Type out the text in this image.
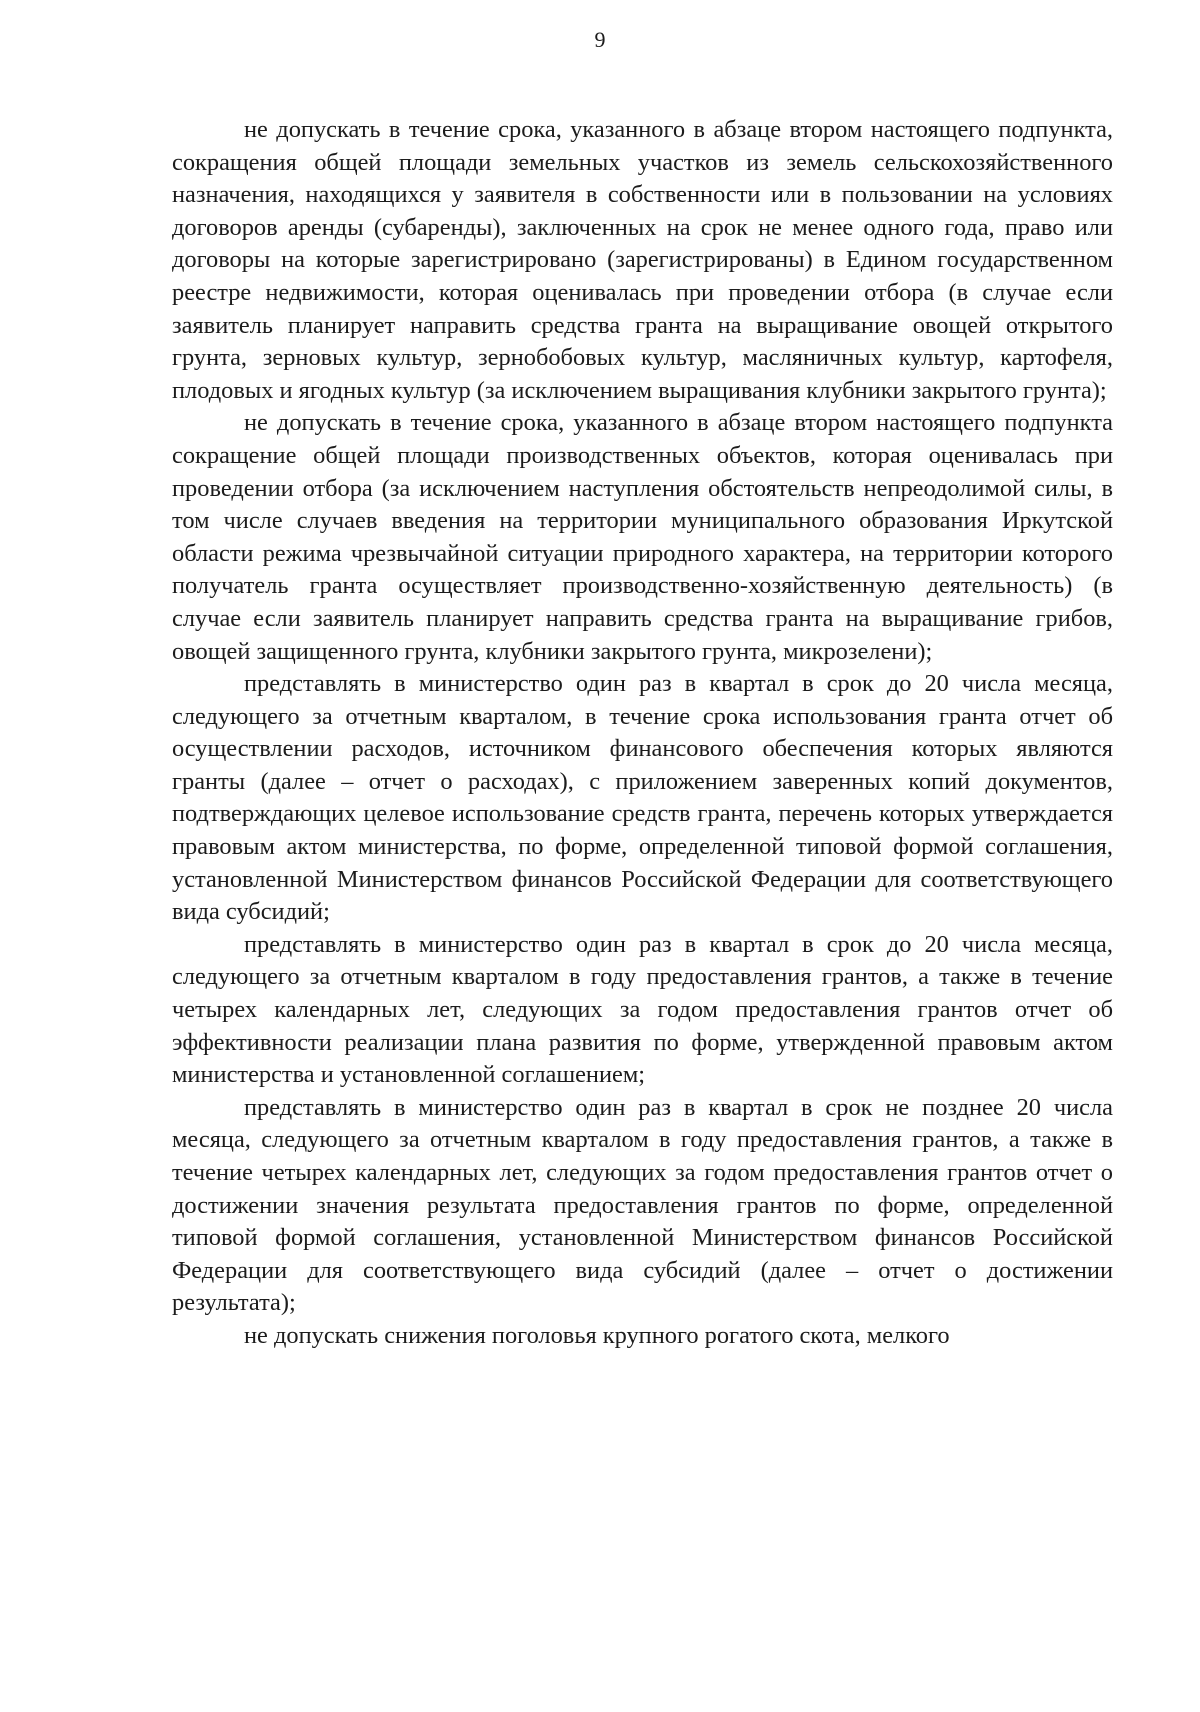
9

не допускать в течение срока, указанного в абзаце втором настоящего подпункта, сокращения общей площади земельных участков из земель сельскохозяйственного назначения, находящихся у заявителя в собственности или в пользовании на условиях договоров аренды (субаренды), заключенных на срок не менее одного года, право или договоры на которые зарегистрировано (зарегистрированы) в Едином государственном реестре недвижимости, которая оценивалась при проведении отбора (в случае если заявитель планирует направить средства гранта на выращивание овощей открытого грунта, зерновых культур, зернобобовых культур, масляничных культур, картофеля, плодовых и ягодных культур (за исключением выращивания клубники закрытого грунта);

не допускать в течение срока, указанного в абзаце втором настоящего подпункта сокращение общей площади производственных объектов, которая оценивалась при проведении отбора (за исключением наступления обстоятельств непреодолимой силы, в том числе случаев введения на территории муниципального образования Иркутской области режима чрезвычайной ситуации природного характера, на территории которого получатель гранта осуществляет производственно-хозяйственную деятельность) (в случае если заявитель планирует направить средства гранта на выращивание грибов, овощей защищенного грунта, клубники закрытого грунта, микрозелени);

представлять в министерство один раз в квартал в срок до 20 числа месяца, следующего за отчетным кварталом, в течение срока использования гранта отчет об осуществлении расходов, источником финансового обеспечения которых являются гранты (далее – отчет о расходах), с приложением заверенных копий документов, подтверждающих целевое использование средств гранта, перечень которых утверждается правовым актом министерства, по форме, определенной типовой формой соглашения, установленной Министерством финансов Российской Федерации для соответствующего вида субсидий;

представлять в министерство один раз в квартал в срок до 20 числа месяца, следующего за отчетным кварталом в году предоставления грантов, а также в течение четырех календарных лет, следующих за годом предоставления грантов отчет об эффективности реализации плана развития по форме, утвержденной правовым актом министерства и установленной соглашением;

представлять в министерство один раз в квартал в срок не позднее 20 числа месяца, следующего за отчетным кварталом в году предоставления грантов, а также в течение четырех календарных лет, следующих за годом предоставления грантов отчет о достижении значения результата предоставления грантов по форме, определенной типовой формой соглашения, установленной Министерством финансов Российской Федерации для соответствующего вида субсидий (далее – отчет о достижении результата);

не допускать снижения поголовья крупного рогатого скота, мелкого
